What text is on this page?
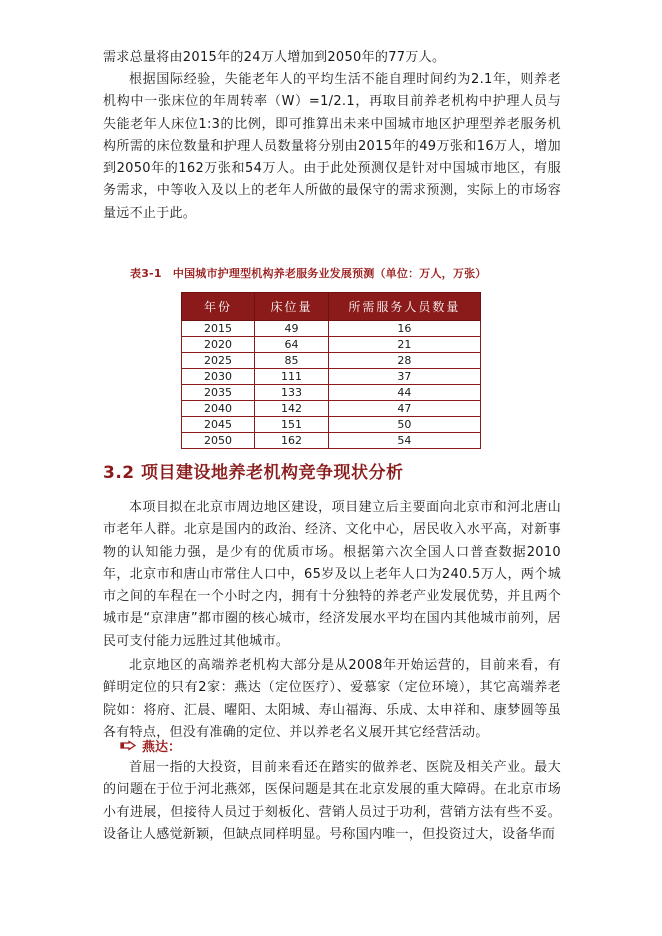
需求总量将由2015年的24万人增加到2050年的77万人。

根据国际经验，失能老年人的平均生活不能自理时间约为2.1年，则养老机构中一张床位的年周转率（W）=1/2.1，再取目前养老机构中护理人员与失能老年人床位1:3的比例，即可推算出未来中国城市地区护理型养老服务机构所需的床位数量和护理人员数量将分别由2015年的49万张和16万人，增加到2050年的162万张和54万人。由于此处预测仅是针对中国城市地区，有服务需求，中等收入及以上的老年人所做的最保守的需求预测，实际上的市场容量远不止于此。

表3-1　中国城市护理型机构养老服务业发展预测（单位：万人，万张）

年份	床位量	所需服务人员数量
2015	49	16
2020	64	21
2025	85	28
2030	111	37
2035	133	44
2040	142	47
2045	151	50
2050	162	54
3.2 项目建设地养老机构竞争现状分析

本项目拟在北京市周边地区建设，项目建立后主要面向北京市和河北唐山市老年人群。北京是国内的政治、经济、文化中心，居民收入水平高，对新事物的认知能力强，是少有的优质市场。根据第六次全国人口普查数据2010年，北京市和唐山市常住人口中，65岁及以上老年人口为240.5万人，两个城市之间的车程在一个小时之内，拥有十分独特的养老产业发展优势，并且两个城市是“京津唐”都市圈的核心城市，经济发展水平均在国内其他城市前列，居民可支付能力远胜过其他城市。

北京地区的高端养老机构大部分是从2008年开始运营的，目前来看，有鲜明定位的只有2家：燕达（定位医疗）、爱慕家（定位环境），其它高端养老院如：将府、汇晨、曜阳、太阳城、寿山福海、乐成、太申祥和、康梦圆等虽各有特点，但没有准确的定位、并以养老名义展开其它经营活动。

燕达：

首屈一指的大投资，目前来看还在踏实的做养老、医院及相关产业。最大的问题在于位于河北燕郊，医保问题是其在北京发展的重大障碍。在北京市场小有进展，但接待人员过于刻板化、营销人员过于功利，营销方法有些不妥。设备让人感觉新颖，但缺点同样明显。号称国内唯一，但投资过大，设备华而
